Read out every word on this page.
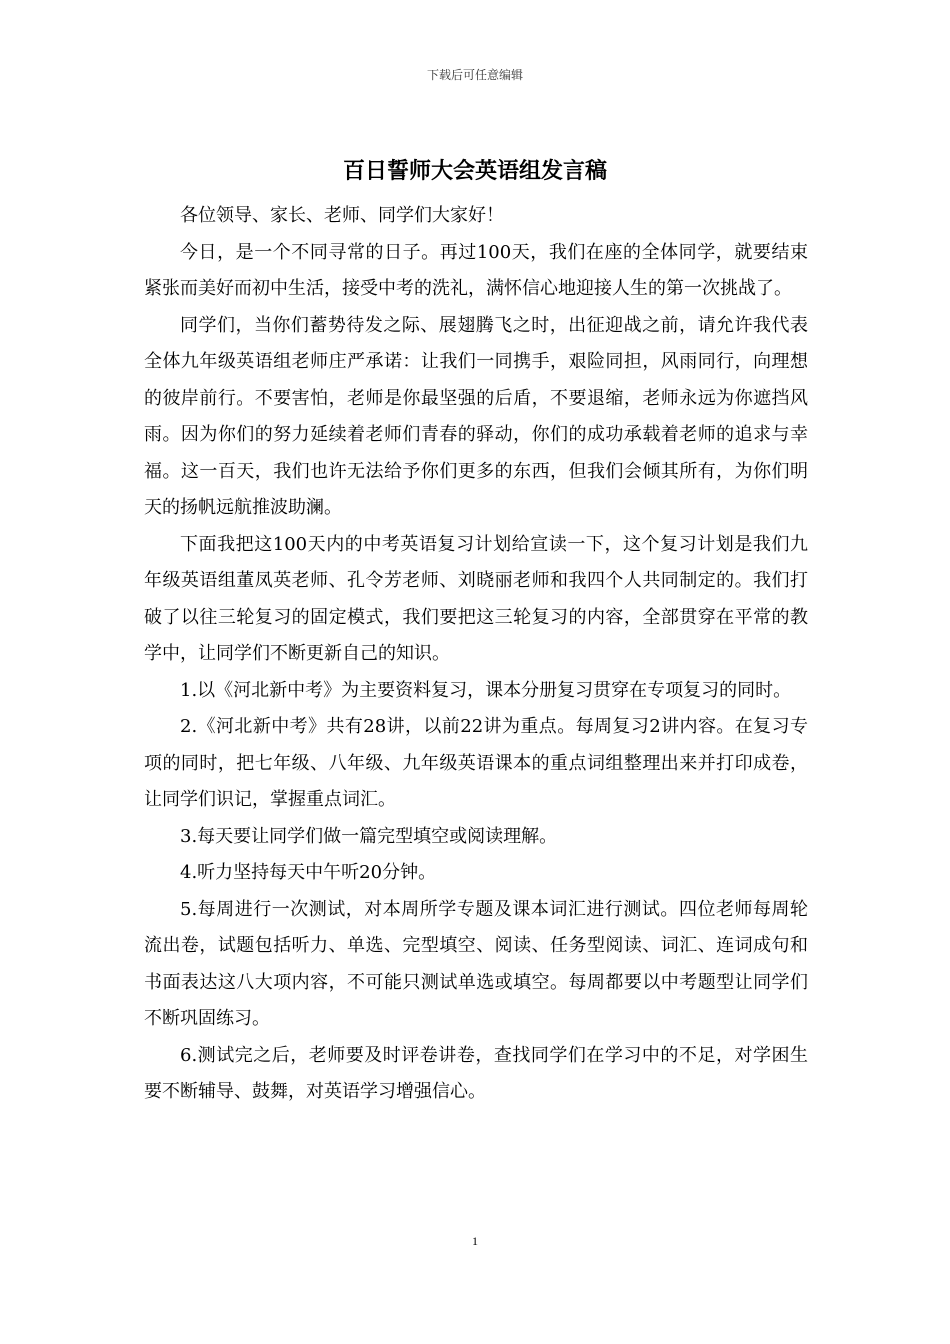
下载后可任意编辑
百日誓师大会英语组发言稿

各位领导、家长、老师、同学们大家好！

今日，是一个不同寻常的日子。再过100天，我们在座的全体同学，就要结束紧张而美好而初中生活，接受中考的洗礼，满怀信心地迎接人生的第一次挑战了。

同学们，当你们蓄势待发之际、展翅腾飞之时，出征迎战之前，请允许我代表全体九年级英语组老师庄严承诺：让我们一同携手，艰险同担，风雨同行，向理想的彼岸前行。不要害怕，老师是你最坚强的后盾，不要退缩，老师永远为你遮挡风雨。因为你们的努力延续着老师们青春的驿动，你们的成功承载着老师的追求与幸福。这一百天，我们也许无法给予你们更多的东西，但我们会倾其所有，为你们明天的扬帆远航推波助澜。

下面我把这100天内的中考英语复习计划给宣读一下，这个复习计划是我们九年级英语组董凤英老师、孔令芳老师、刘晓丽老师和我四个人共同制定的。我们打破了以往三轮复习的固定模式，我们要把这三轮复习的内容，全部贯穿在平常的教学中，让同学们不断更新自己的知识。

1.以《河北新中考》为主要资料复习，课本分册复习贯穿在专项复习的同时。

2.《河北新中考》共有28讲，以前22讲为重点。每周复习2讲内容。在复习专项的同时，把七年级、八年级、九年级英语课本的重点词组整理出来并打印成卷，让同学们识记，掌握重点词汇。

3.每天要让同学们做一篇完型填空或阅读理解。

4.听力坚持每天中午听20分钟。

5.每周进行一次测试，对本周所学专题及课本词汇进行测试。四位老师每周轮流出卷，试题包括听力、单选、完型填空、阅读、任务型阅读、词汇、连词成句和书面表达这八大项内容，不可能只测试单选或填空。每周都要以中考题型让同学们不断巩固练习。

6.测试完之后，老师要及时评卷讲卷，查找同学们在学习中的不足，对学困生要不断辅导、鼓舞，对英语学习增强信心。

1
